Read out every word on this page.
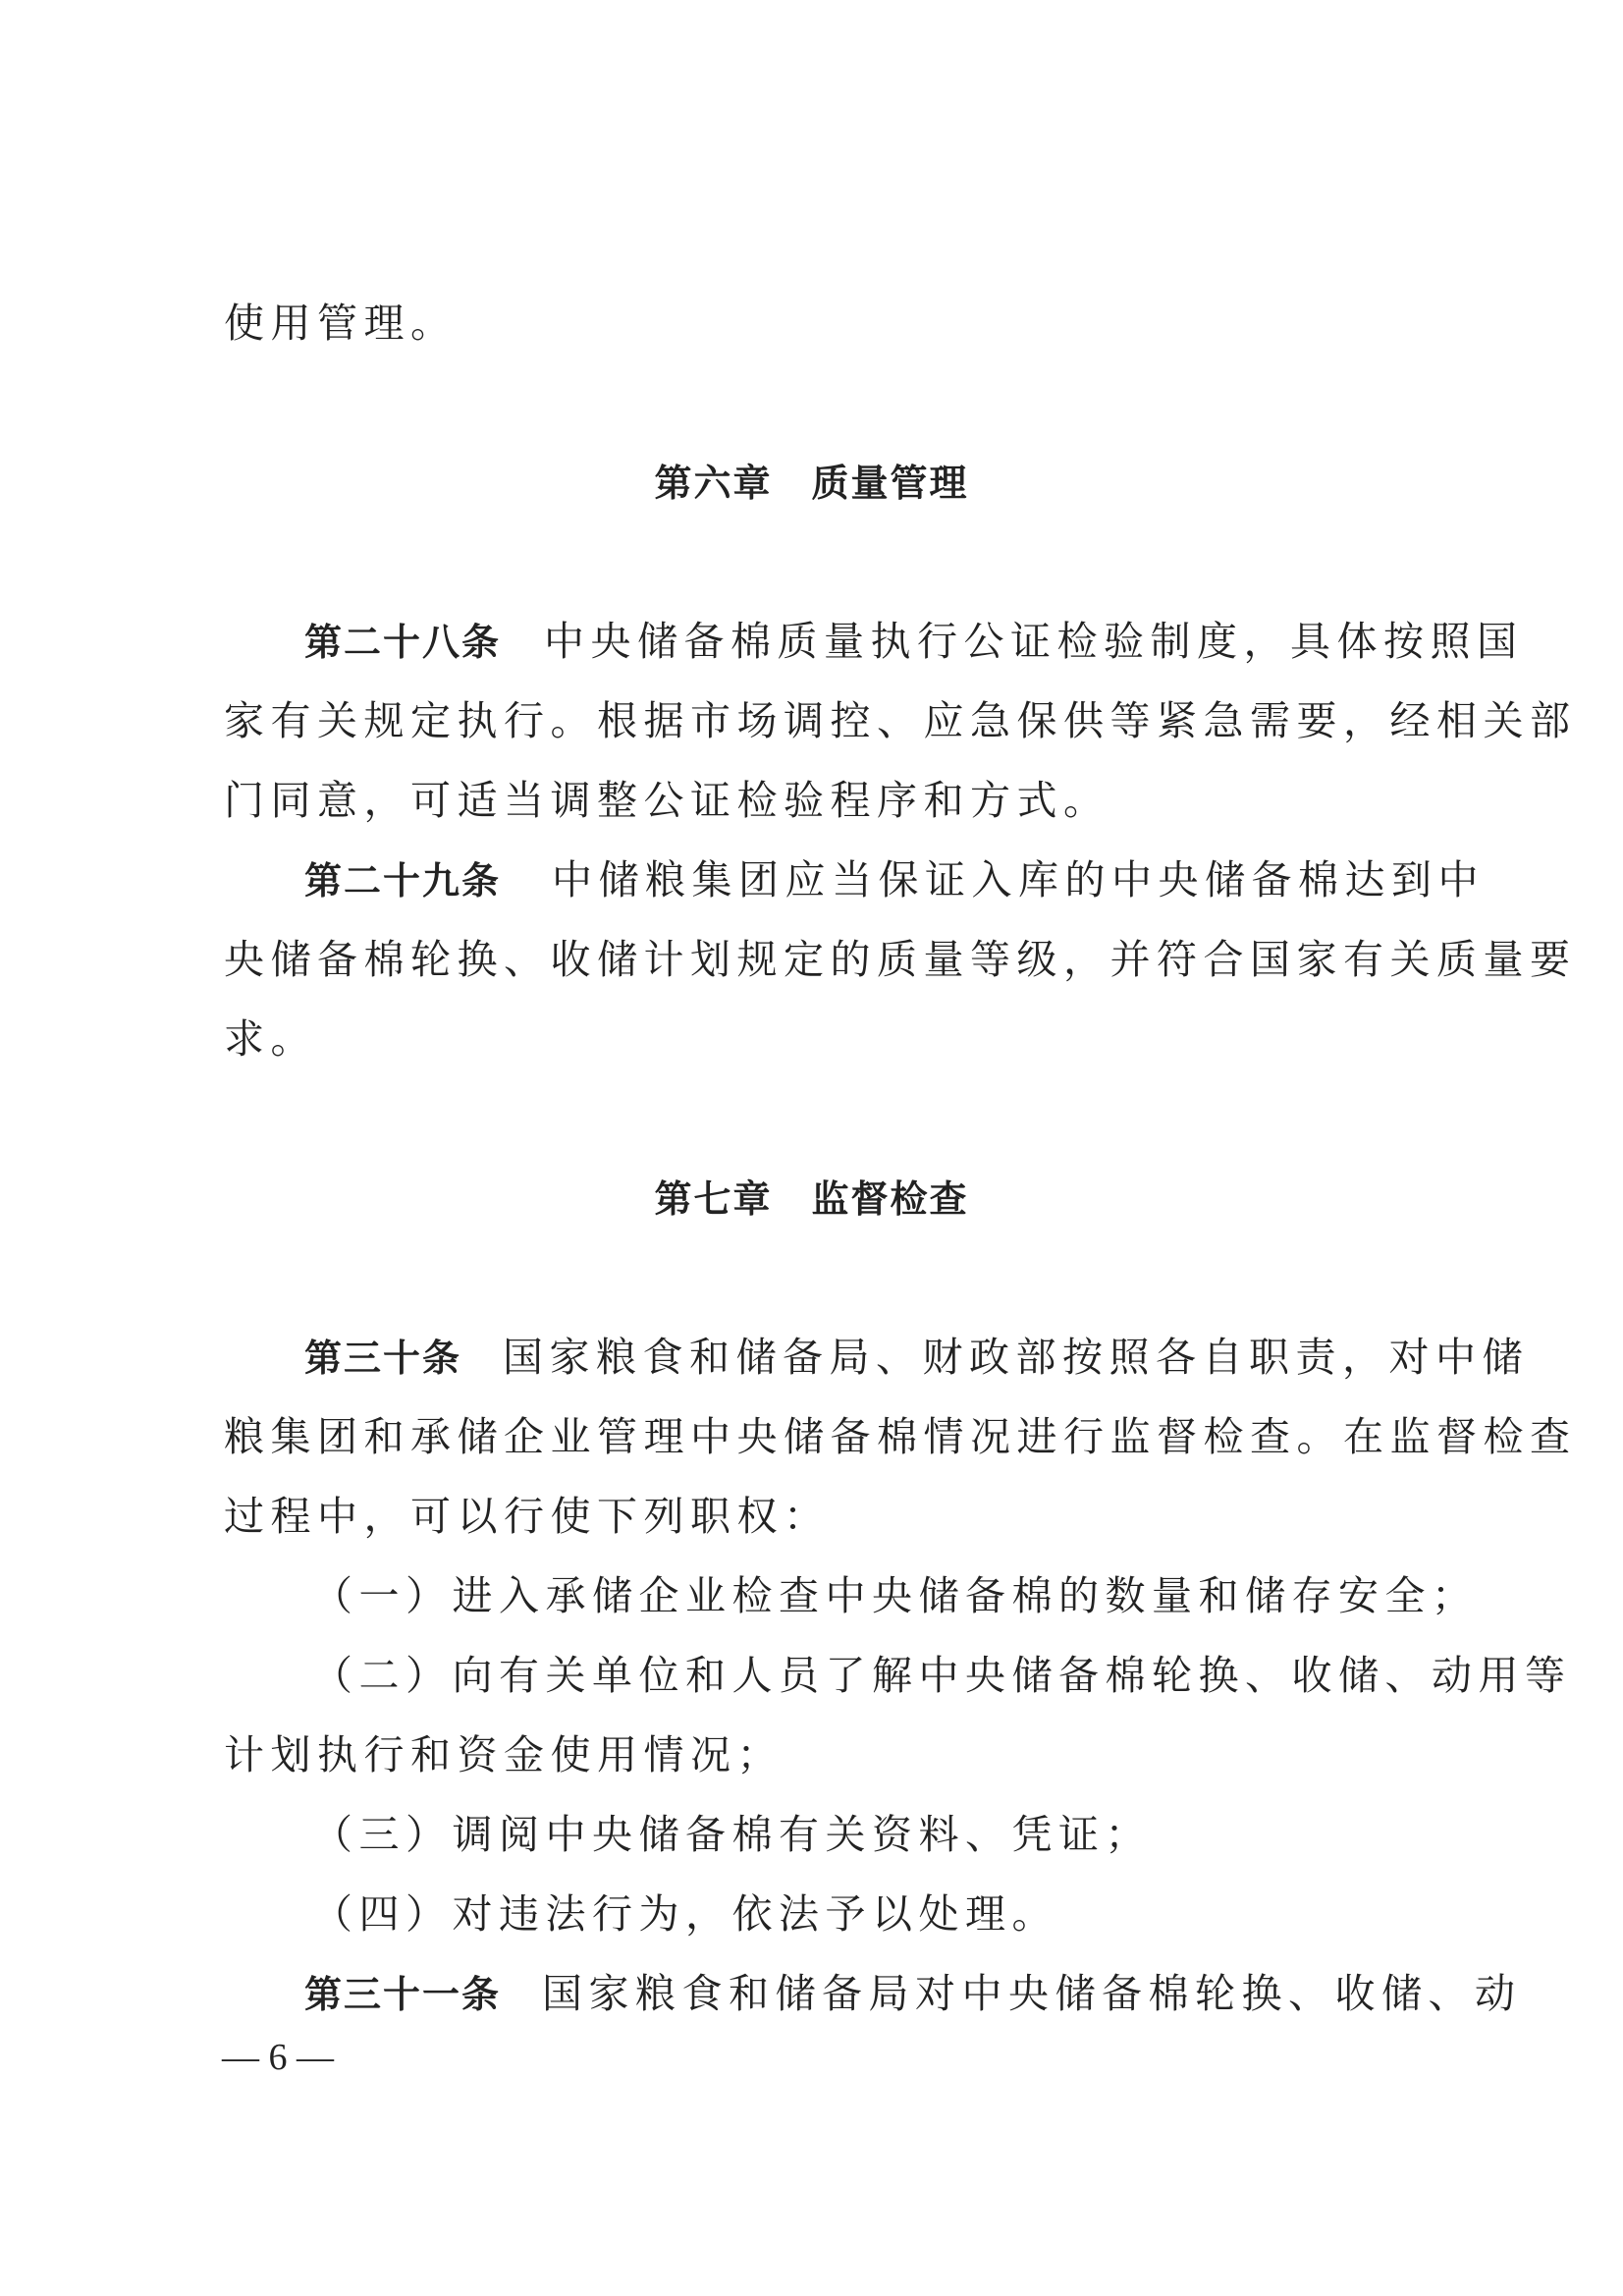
使用管理。
第六章　质量管理
第二十八条 中央储备棉质量执行公证检验制度，具体按照国
家有关规定执行。根据市场调控、应急保供等紧急需要，经相关部
门同意，可适当调整公证检验程序和方式。
第二十九条 中储粮集团应当保证入库的中央储备棉达到中
央储备棉轮换、收储计划规定的质量等级，并符合国家有关质量要
求。
第七章　监督检查
第三十条 国家粮食和储备局、财政部按照各自职责，对中储
粮集团和承储企业管理中央储备棉情况进行监督检查。在监督检查
过程中，可以行使下列职权：
（一）进入承储企业检查中央储备棉的数量和储存安全；
（二）向有关单位和人员了解中央储备棉轮换、收储、动用等
计划执行和资金使用情况；
（三）调阅中央储备棉有关资料、凭证；
（四）对违法行为，依法予以处理。
第三十一条 国家粮食和储备局对中央储备棉轮换、收储、动
— 6 —
